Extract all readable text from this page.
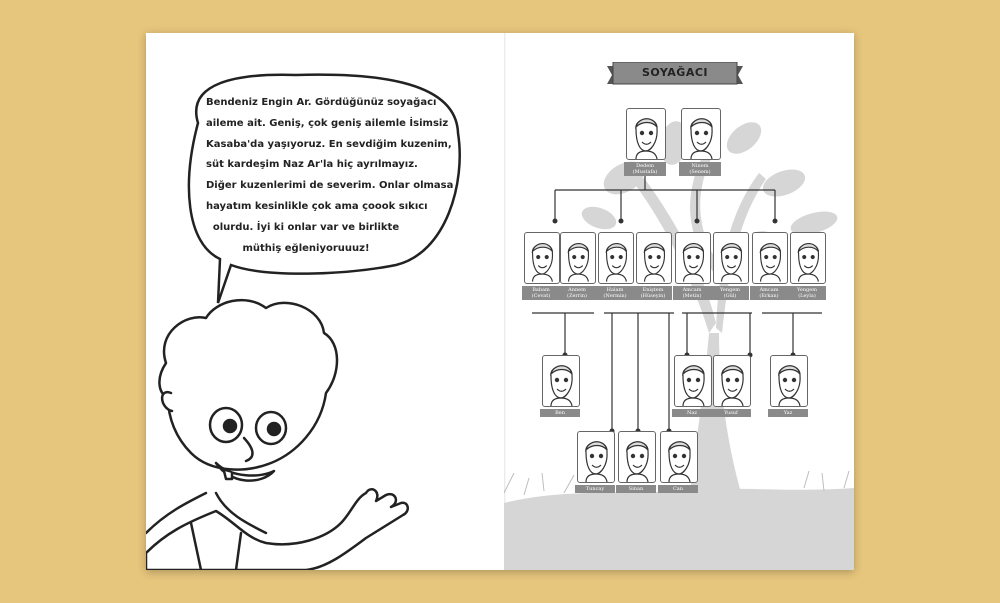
Bendeniz Engin Ar. Gördüğünüz soyağacı
aileme ait. Geniş, çok geniş ailemle İsimsiz
Kasaba'da yaşıyoruz. En sevdiğim kuzenim,
süt kardeşim Naz Ar'la hiç ayrılmayız.
Diğer kuzenlerimi de severim. Onlar olmasa
hayatım kesinlikle çok ama çoook sıkıcı
olurdu. İyi ki onlar var ve birlikte
müthiş eğleniyoruuuz!
SOYAĞACI
Dedem
(Mustafa)
Ninem
(Senem)
Babam
(Cevat)
Annem
(Zerrin)
Halam
(Nermin)
Eniştem
(Hüseyin)
Amcam
(Metin)
Yengem
(Gül)
Amcam
(Erkan)
Yengem
(Leyla)
Ben	Naz	Yusuf	Yaz
Tuncay	Sinan	Can
